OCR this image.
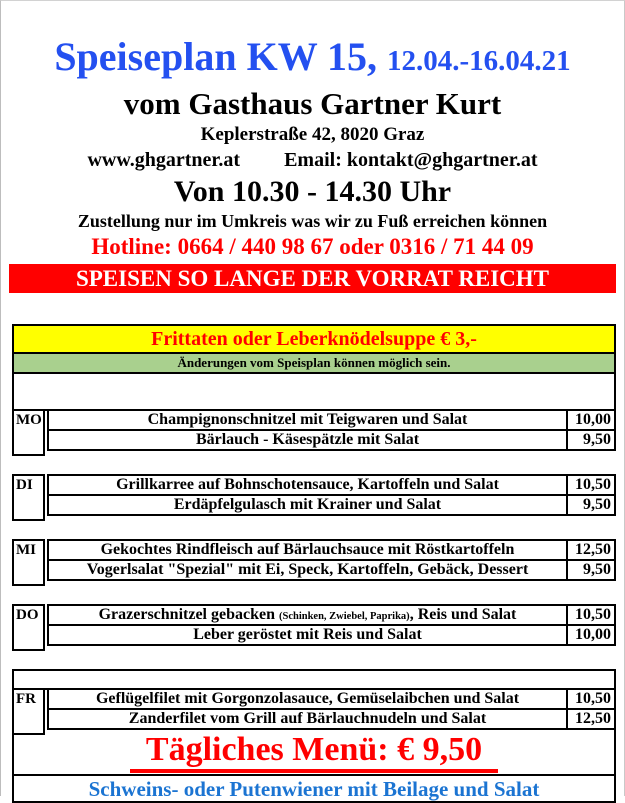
Speiseplan KW 15, 12.04.-16.04.21
vom Gasthaus Gartner Kurt
Keplerstraße 42, 8020 Graz
www.ghgartner.at Email: kontakt@ghgartner.at
Von 10.30 - 14.30 Uhr
Zustellung nur im Umkreis was wir zu Fuß erreichen können
Hotline: 0664 / 440 98 67 oder 0316 / 71 44 09
SPEISEN SO LANGE DER VORRAT REICHT
Frittaten oder Leberknödelsuppe € 3,-
Änderungen vom Speisplan können möglich sein.
MO	Champignonschnitzel mit Teigwaren und Salat	10,00
Bärlauch - Käsespätzle mit Salat	9,50
DI	Grillkarree auf Bohnschotensauce, Kartoffeln und Salat	10,50
Erdäpfelgulasch mit Krainer und Salat	9,50
MI	Gekochtes Rindfleisch auf Bärlauchsauce mit Röstkartoffeln	12,50
Vogerlsalat "Spezial" mit Ei, Speck, Kartoffeln, Gebäck, Dessert	9,50
DO	Grazerschnitzel gebacken (Schinken, Zwiebel, Paprika), Reis und Salat	10,50
Leber geröstet mit Reis und Salat	10,00
FR	Geflügelfilet mit Gorgonzolasauce, Gemüselaibchen und Salat	10,50
Zanderfilet vom Grill auf Bärlauchnudeln und Salat	12,50
Tägliches Menü: € 9,50
Schweins- oder Putenwiener mit Beilage und Salat
